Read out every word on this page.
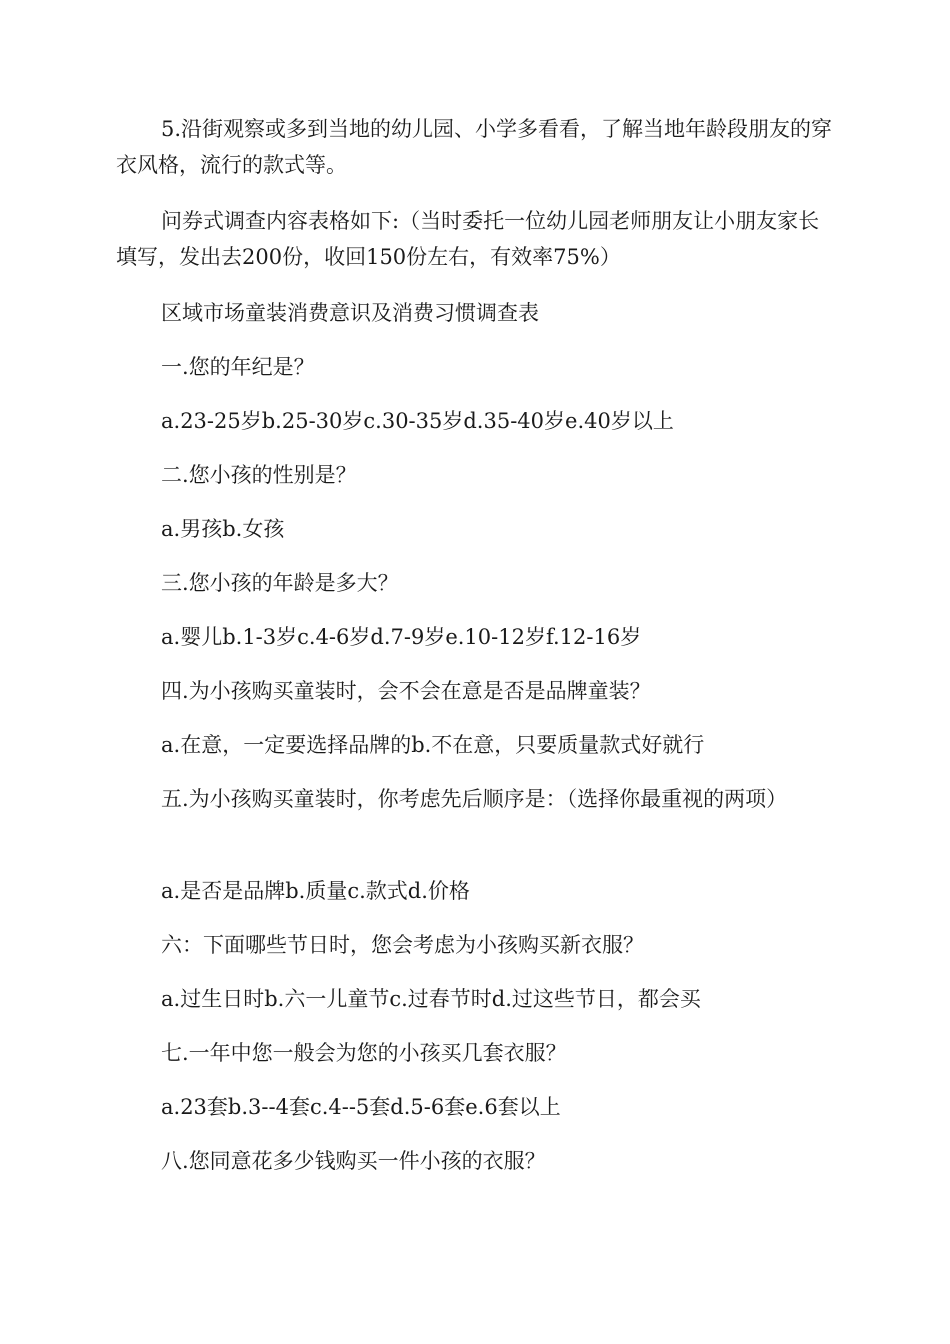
5.沿街观察或多到当地的幼儿园、小学多看看，了解当地年龄段朋友的穿衣风格，流行的款式等。

问券式调查内容表格如下:（当时委托一位幼儿园老师朋友让小朋友家长填写，发出去200份，收回150份左右，有效率75%）

区域市场童装消费意识及消费习惯调查表

一.您的年纪是？

a.23-25岁b.25-30岁c.30-35岁d.35-40岁e.40岁以上

二.您小孩的性别是？

a.男孩b.女孩

三.您小孩的年龄是多大？

a.婴儿b.1-3岁c.4-6岁d.7-9岁e.10-12岁f.12-16岁

四.为小孩购买童装时，会不会在意是否是品牌童装？

a.在意，一定要选择品牌的b.不在意，只要质量款式好就行

五.为小孩购买童装时，你考虑先后顺序是：（选择你最重视的两项）

a.是否是品牌b.质量c.款式d.价格

六：下面哪些节日时，您会考虑为小孩购买新衣服？

a.过生日时b.六一儿童节c.过春节时d.过这些节日，都会买

七.一年中您一般会为您的小孩买几套衣服？

a.23套b.3--4套c.4--5套d.5-6套e.6套以上

八.您同意花多少钱购买一件小孩的衣服？
